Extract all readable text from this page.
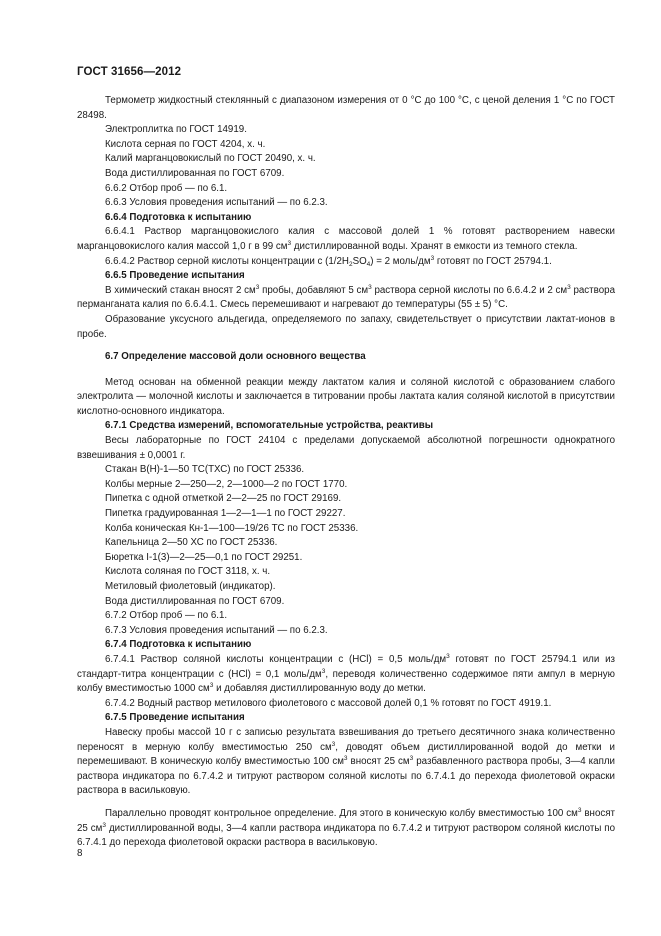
ГОСТ 31656—2012

Термометр жидкостный стеклянный с диапазоном измерения от 0 °С до 100 °С, с ценой деления 1 °С по ГОСТ 28498.

Электроплитка по ГОСТ 14919.

Кислота серная по ГОСТ 4204, х. ч.

Калий марганцовокислый по ГОСТ 20490, х. ч.

Вода дистиллированная по ГОСТ 6709.

6.6.2 Отбор проб — по 6.1.

6.6.3 Условия проведения испытаний — по 6.2.3.

6.6.4 Подготовка к испытанию

6.6.4.1 Раствор марганцовокислого калия с массовой долей 1 % готовят растворением навески марганцовокислого калия массой 1,0 г в 99 $см^3$ дистиллированной воды. Хранят в емкости из темного стекла.

6.6.4.2 Раствор серной кислоты концентрации c $(1/2H_2SO_4) = 2$ моль/$дм^3$ готовят по ГОСТ 25794.1.

6.6.5 Проведение испытания

В химический стакан вносят 2 $см^3$ пробы, добавляют 5 $см^3$ раствора серной кислоты по 6.6.4.2 и 2 $см^3$ раствора перманганата калия по 6.6.4.1. Смесь перемешивают и нагревают до температуры (55 ± 5) °С.

Образование уксусного альдегида, определяемого по запаху, свидетельствует о присутствии лактат-ионов в пробе.

6.7 Определение массовой доли основного вещества

Метод основан на обменной реакции между лактатом калия и соляной кислотой с образованием слабого электролита — молочной кислоты и заключается в титровании пробы лактата калия соляной кислотой в присутствии кислотно-основного индикатора.

6.7.1 Средства измерений, вспомогательные устройства, реактивы

Весы лабораторные по ГОСТ 24104 с пределами допускаемой абсолютной погрешности однократного взвешивания ± 0,0001 г.

Стакан В(Н)-1—50 ТС(ТХС) по ГОСТ 25336.

Колбы мерные 2—250—2, 2—1000—2 по ГОСТ 1770.

Пипетка с одной отметкой 2—2—25 по ГОСТ 29169.

Пипетка градуированная 1—2—1—1 по ГОСТ 29227.

Колба коническая Кн-1—100—19/26 ТС по ГОСТ 25336.

Капельница 2—50 ХС по ГОСТ 25336.

Бюретка I-1(3)—2—25—0,1 по ГОСТ 29251.

Кислота соляная по ГОСТ 3118, х. ч.

Метиловый фиолетовый (индикатор).

Вода дистиллированная по ГОСТ 6709.

6.7.2 Отбор проб — по 6.1.

6.7.3 Условия проведения испытаний — по 6.2.3.

6.7.4 Подготовка к испытанию

6.7.4.1 Раствор соляной кислоты концентрации c (HCl) = 0,5 моль/$дм^3$ готовят по ГОСТ 25794.1 или из стандарт-титра концентрации c (HCl) = 0,1 моль/$дм^3$, переводя количественно содержимое пяти ампул в мерную колбу вместимостью 1000 $см^3$ и добавляя дистиллированную воду до метки.

6.7.4.2 Водный раствор метилового фиолетового с массовой долей 0,1 % готовят по ГОСТ 4919.1.

6.7.5 Проведение испытания

Навеску пробы массой 10 г с записью результата взвешивания до третьего десятичного знака количественно переносят в мерную колбу вместимостью 250 $см^3$, доводят объем дистиллированной водой до метки и перемешивают. В коническую колбу вместимостью 100 $см^3$ вносят 25 $см^3$ разбавленного раствора пробы, 3—4 капли раствора индикатора по 6.7.4.2 и титруют раствором соляной кислоты по 6.7.4.1 до перехода фиолетовой окраски раствора в васильковую.

Параллельно проводят контрольное определение. Для этого в коническую колбу вместимостью 100 $см^3$ вносят 25 $см^3$ дистиллированной воды, 3—4 капли раствора индикатора по 6.7.4.2 и титруют раствором соляной кислоты по 6.7.4.1 до перехода фиолетовой окраски раствора в васильковую.

8
